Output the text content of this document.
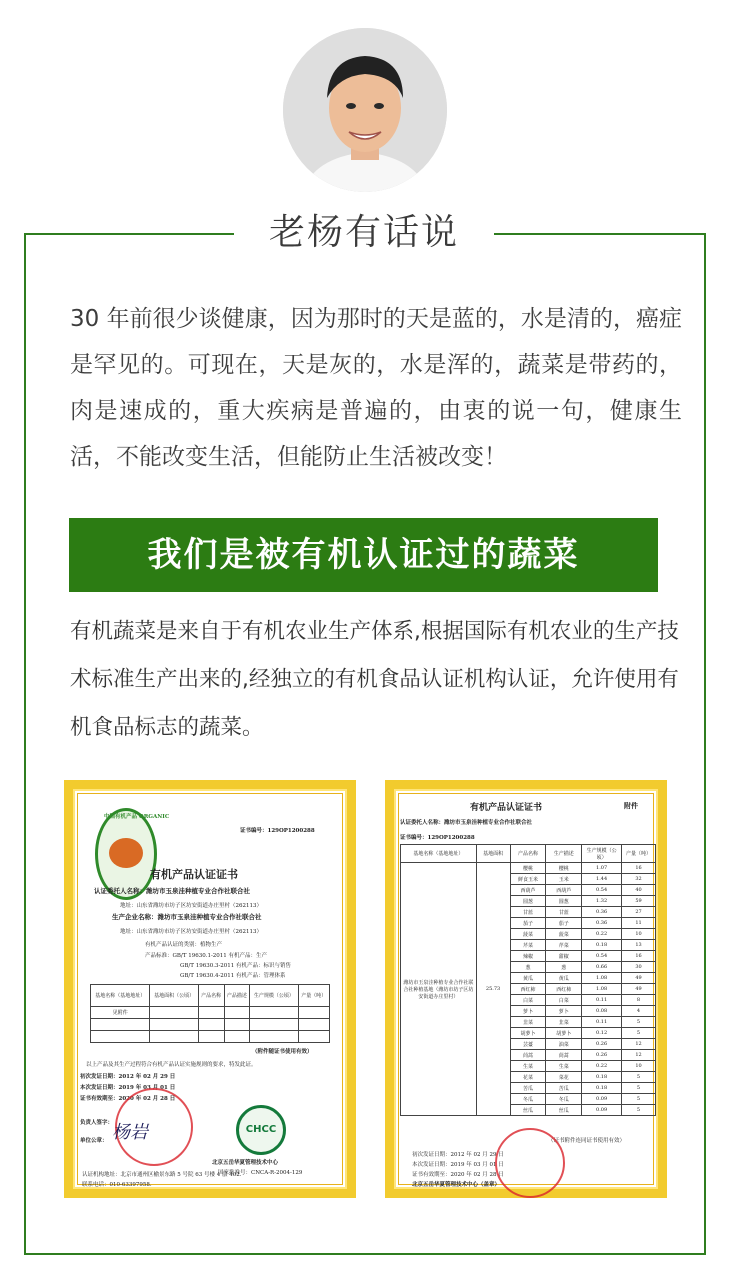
老杨有话说

30 年前很少谈健康，因为那时的天是蓝的，水是清的，癌症是罕见的。可现在，天是灰的，水是浑的，蔬菜是带药的，肉是速成的，重大疾病是普遍的，由衷的说一句，健康生活，不能改变生活，但能防止生活被改变！

我们是被有机认证过的蔬菜

有机蔬菜是来自于有机农业生产体系,根据国际有机农业的生产技术标准生产出来的,经独立的有机食品认证机构认证，允许使用有机食品标志的蔬菜。

中国有机产品 ORGANIC
证书编号：129OP1200288
有机产品认证证书
认证委托人名称：潍坊市玉泉洼种植专业合作社联合社
地址：山东省潍坊市坊子区坊安街道办庄里村（262113）
生产企业名称：潍坊市玉泉洼种植专业合作社联合社
地址：山东省潍坊市坊子区坊安街道办庄里村（262113）
有机产品认证的类别：植物生产
产品标准：GB/T 19630.1-2011 有机产品：生产
GB/T 19630.3-2011 有机产品：标识与销售
GB/T 19630.4-2011 有机产品：管理体系
基地名称（基地地址）	基地面积（公顷）	产品名称	产品描述	生产规模（公顷）	产量（吨）
见附件					

（附件随证书使用有效）
以上产品及其生产过程符合有机产品认证实施规则的要求，特发此证。
初次发证日期：2012 年 02 月 29 日
本次发证日期：2019 年 03 月 01 日
证书有效期至：2020 年 02 月 28 日
负责人签字：
单位公章： 杨岩	CHCC
北京五岳华夏管理技术中心
国家批准号：CNCA-R-2004-129
认证机构地址：北京市通州区榆景东路 5 号院 63 号楼 4 层 402.
联系电话：010-63397958.
有机产品认证证书	附件
认证委托人名称：潍坊市玉泉洼种植专业合作社联合社
证书编号：129OP1200288
基地名称（基地地址）	基地面积	产品名称	生产描述	生产规模（公顷）	产量（吨）
潍坊市玉泉洼种植专业合作社联合社种植基地（潍坊市坊子区坊安街道办庄里村）	25.73	樱桃	樱桃	1.07	16
		鲜食玉米	玉米	1.44	32
		西葫芦	西葫芦	0.54	40
		圆葱	圆葱	1.32	59
		甘蓝	甘蓝	0.36	27
		茄子	茄子	0.36	11
		菠菜	菠菜	0.22	10
		芹菜	芹菜	0.18	13
		辣椒	甜椒	0.54	16
		葱	葱	0.66	30
		黄瓜	黄瓜	1.08	49
		西红柿	西红柿	1.08	49
		白菜	白菜	0.11	8
		萝卜	萝卜	0.08	4
		韭菜	韭菜	0.11	5
		胡萝卜	胡萝卜	0.12	5
		芸薹	油菜	0.26	12
		茼蒿	茼蒿	0.26	12
		生菜	生菜	0.22	10
		花菜	菜花	0.18	5
		苦瓜	苦瓜	0.18	5
		冬瓜	冬瓜	0.09	5
		丝瓜	丝瓜	0.09	5
（证书附件连同证书使用有效）
初次发证日期：2012 年 02 月 29 日
本次发证日期：2019 年 03 月 01 日
证书有效期至：2020 年 02 月 28 日
北京五岳华夏管理技术中心（盖章）
